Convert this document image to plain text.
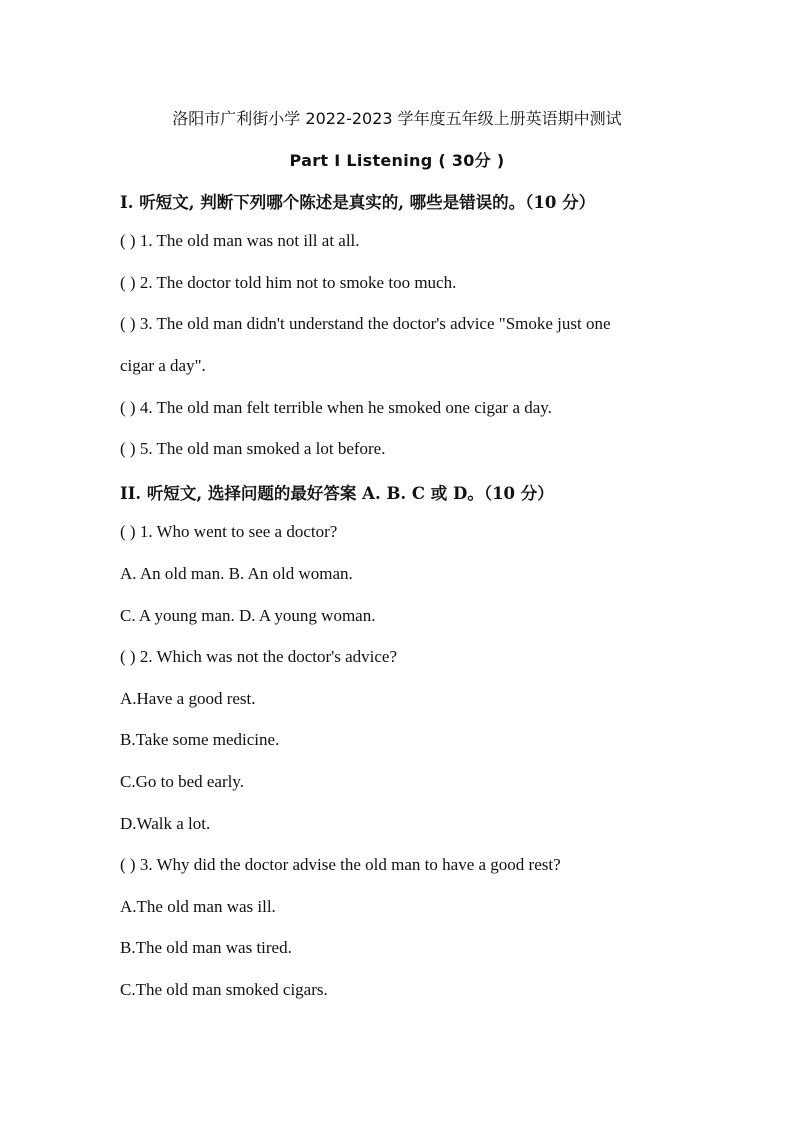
洛阳市广利街小学 2022-2023 学年度五年级上册英语期中测试
Part I Listening ( 30分 )
I. 听短文, 判断下列哪个陈述是真实的, 哪些是错误的。（10 分）
( ) 1. The old man was not ill at all.
( ) 2. The doctor told him not to smoke too much.
( ) 3. The old man didn't understand the doctor's advice "Smoke just one
cigar a day".
( ) 4. The old man felt terrible when he smoked one cigar a day.
( ) 5. The old man smoked a lot before.
II. 听短文, 选择问题的最好答案 A. B. C 或 D。（10 分）
( ) 1. Who went to see a doctor?
A. An old man. B. An old woman.
C. A young man. D. A young woman.
( ) 2. Which was not the doctor's advice?
A.Have a good rest.
B.Take some medicine.
C.Go to bed early.
D.Walk a lot.
( ) 3. Why did the doctor advise the old man to have a good rest?
A.The old man was ill.
B.The old man was tired.
C.The old man smoked cigars.
